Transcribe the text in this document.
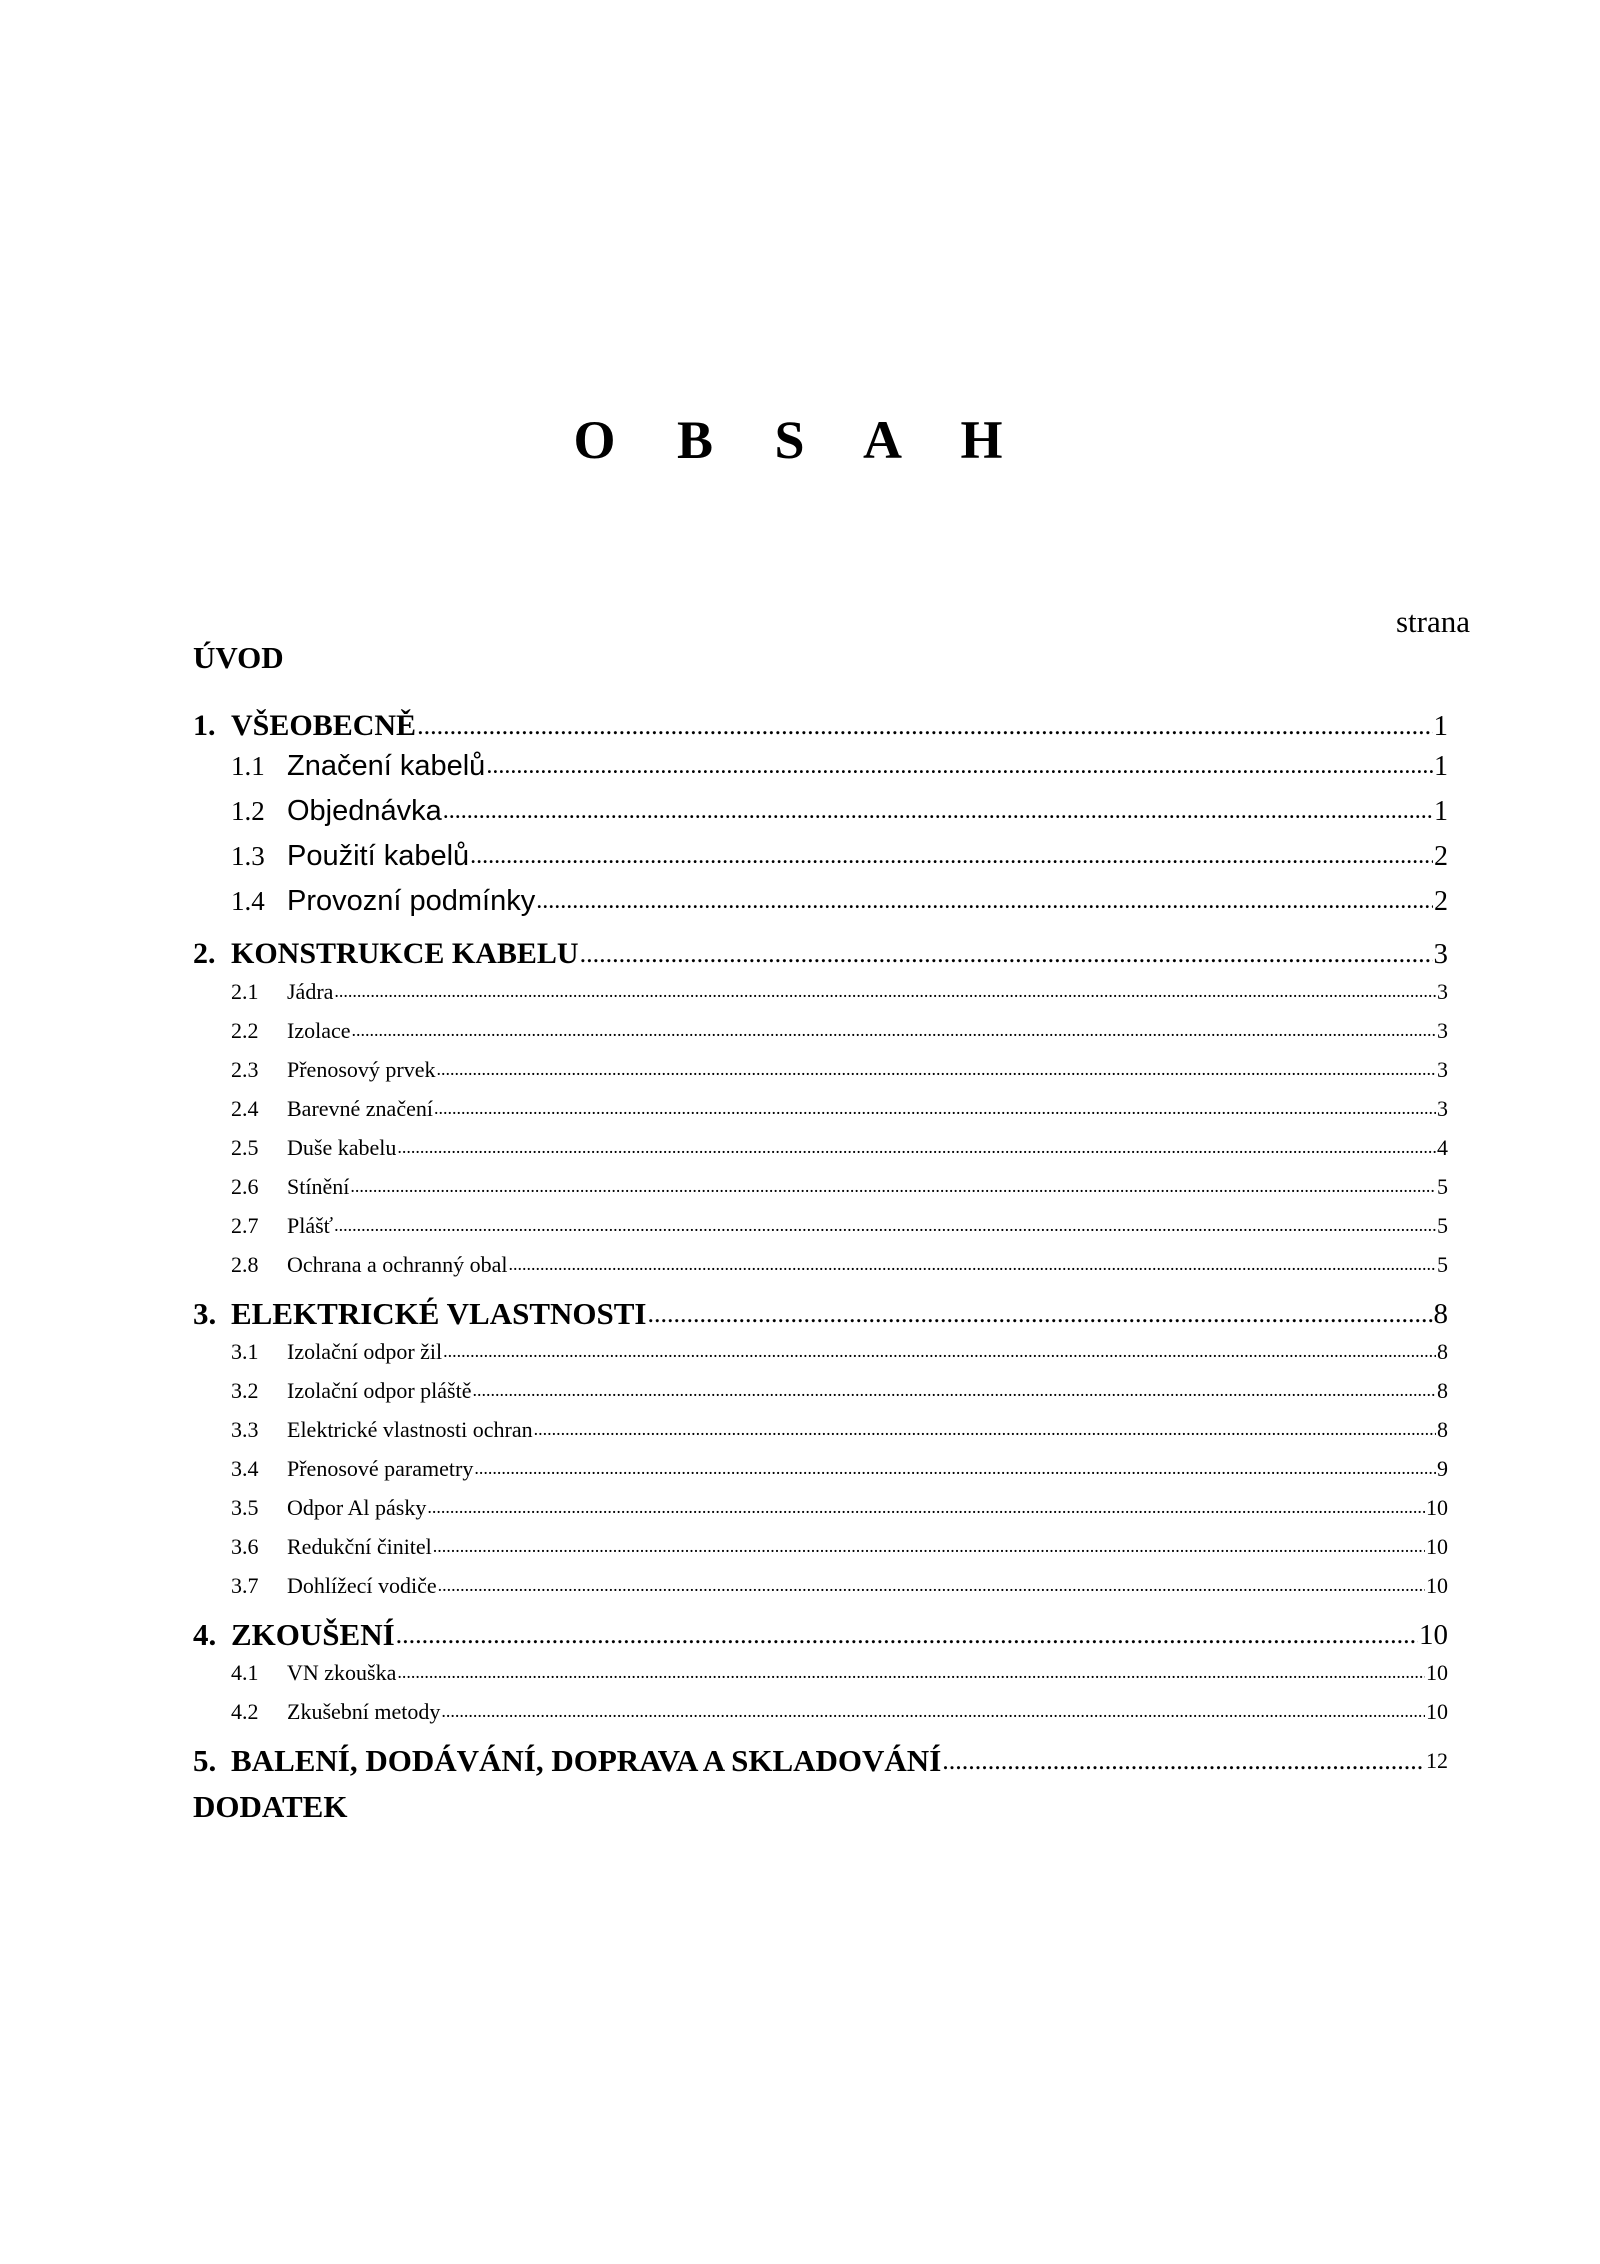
O B S A H
strana
ÚVOD
1. VŠEOBECNĚ .....	1
1.1 Značení kabelů .....	1
1.2 Objednávka .....	1
1.3 Použití kabelů .....	2
1.4 Provozní podmínky .....	2
2. KONSTRUKCE KABELU .....	3
2.1	Jádra .....	3
2.2	Izolace .....	3
2.3	Přenosový prvek .....	3
2.4	Barevné značení .....	3
2.5	Duše kabelu .....	4
2.6	Stínění .....	5
2.7	Plášť .....	5
2.8	Ochrana a ochranný obal .....	5
3. ELEKTRICKÉ VLASTNOSTI .....	8
3.1	Izolační odpor žil .....	8
3.2	Izolační odpor pláště .....	8
3.3	Elektrické vlastnosti ochran .....	8
3.4	Přenosové parametry .....	9
3.5	Odpor Al pásky .....	10
3.6	Redukční činitel .....	10
3.7	Dohlížecí vodiče .....	10
4. ZKOUŠENÍ .....	10
4.1	VN zkouška .....	10
4.2	Zkušební metody .....	10
5. BALENÍ, DODÁVÁNÍ, DOPRAVA A SKLADOVÁNÍ .....	12
DODATEK
